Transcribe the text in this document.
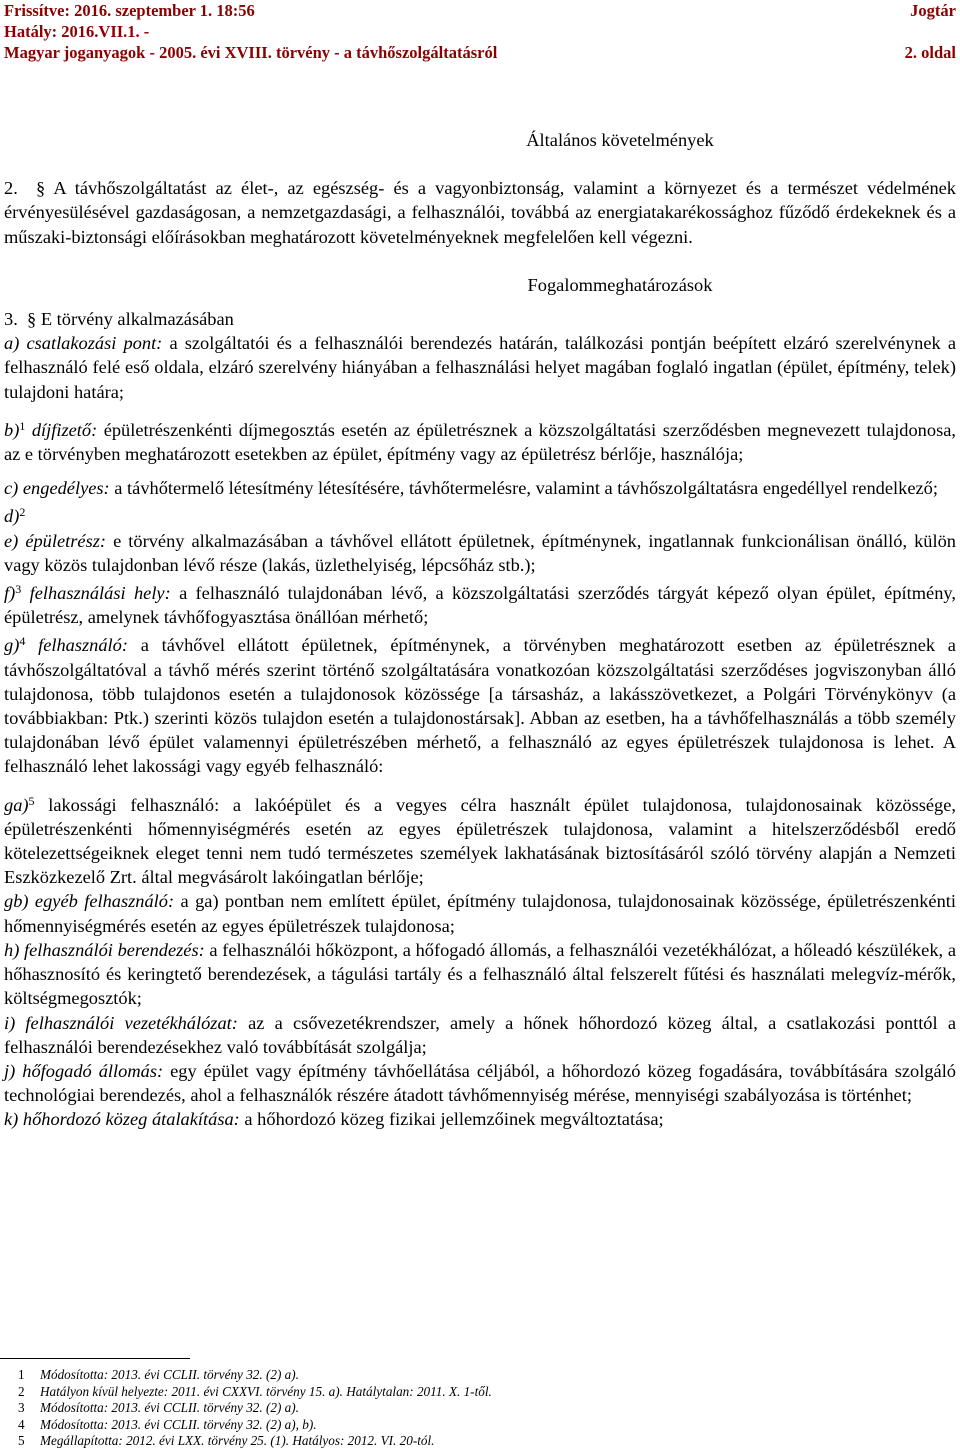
Frissítve: 2016. szeptember 1. 18:56
Hatály: 2016.VII.1. -
Magyar joganyagok - 2005. évi XVIII. törvény - a távhőszolgáltatásról
Jogtár
2. oldal

Általános követelmények

2. § A távhőszolgáltatást az élet-, az egészség- és a vagyonbiztonság, valamint a környezet és a természet védelmének érvényesülésével gazdaságosan, a nemzetgazdasági, a felhasználói, továbbá az energiatakarékossághoz fűződő érdekeknek és a műszaki-biztonsági előírásokban meghatározott követelményeknek megfelelően kell végezni.

Fogalommeghatározások

3. § E törvény alkalmazásában

a) csatlakozási pont: a szolgáltatói és a felhasználói berendezés határán, találkozási pontján beépített elzáró szerelvénynek a felhasználó felé eső oldala, elzáró szerelvény hiányában a felhasználási helyet magában foglaló ingatlan (épület, építmény, telek) tulajdoni határa;

b)$^1$ díjfizető: épületrészenkénti díjmegosztás esetén az épületrésznek a közszolgáltatási szerződésben megnevezett tulajdonosa, az e törvényben meghatározott esetekben az épület, építmény vagy az épületrész bérlője, használója;

c) engedélyes: a távhőtermelő létesítmény létesítésére, távhőtermelésre, valamint a távhőszolgáltatásra engedéllyel rendelkező;

d)$^2$

e) épületrész: e törvény alkalmazásában a távhővel ellátott épületnek, építménynek, ingatlannak funkcionálisan önálló, külön vagy közös tulajdonban lévő része (lakás, üzlethelyiség, lépcsőház stb.);

f)$^3$ felhasználási hely: a felhasználó tulajdonában lévő, a közszolgáltatási szerződés tárgyát képező olyan épület, építmény, épületrész, amelynek távhőfogyasztása önállóan mérhető;

g)$^4$ felhasználó: a távhővel ellátott épületnek, építménynek, a törvényben meghatározott esetben az épületrésznek a távhőszolgáltatóval a távhő mérés szerint történő szolgáltatására vonatkozóan közszolgáltatási szerződéses jogviszonyban álló tulajdonosa, több tulajdonos esetén a tulajdonosok közössége [a társasház, a lakásszövetkezet, a Polgári Törvénykönyv (a továbbiakban: Ptk.) szerinti közös tulajdon esetén a tulajdonostársak]. Abban az esetben, ha a távhőfelhasználás a több személy tulajdonában lévő épület valamennyi épületrészében mérhető, a felhasználó az egyes épületrészek tulajdonosa is lehet. A felhasználó lehet lakossági vagy egyéb felhasználó:

ga)$^5$ lakossági felhasználó: a lakóépület és a vegyes célra használt épület tulajdonosa, tulajdonosainak közössége, épületrészenkénti hőmennyiségmérés esetén az egyes épületrészek tulajdonosa, valamint a hitelszerződésből eredő kötelezettségeiknek eleget tenni nem tudó természetes személyek lakhatásának biztosításáról szóló törvény alapján a Nemzeti Eszközkezelő Zrt. által megvásárolt lakóingatlan bérlője;

gb) egyéb felhasználó: a ga) pontban nem említett épület, építmény tulajdonosa, tulajdonosainak közössége, épületrészenkénti hőmennyiségmérés esetén az egyes épületrészek tulajdonosa;

h) felhasználói berendezés: a felhasználói hőközpont, a hőfogadó állomás, a felhasználói vezetékhálózat, a hőleadó készülékek, a hőhasznosító és keringtető berendezések, a tágulási tartály és a felhasználó által felszerelt fűtési és használati melegvíz-mérők, költségmegosztók;

i) felhasználói vezetékhálózat: az a csővezetékrendszer, amely a hőnek hőhordozó közeg által, a csatlakozási ponttól a felhasználói berendezésekhez való továbbítását szolgálja;

j) hőfogadó állomás: egy épület vagy építmény távhőellátása céljából, a hőhordozó közeg fogadására, továbbítására szolgáló technológiai berendezés, ahol a felhasználók részére átadott távhőmennyiség mérése, mennyiségi szabályozása is történhet;

k) hőhordozó közeg átalakítása: a hőhordozó közeg fizikai jellemzőinek megváltoztatása;

1	Módosította: 2013. évi CCLII. törvény 32. (2) a).
2	Hatályon kívül helyezte: 2011. évi CXXVI. törvény 15. a). Hatálytalan: 2011. X. 1-től.
3	Módosította: 2013. évi CCLII. törvény 32. (2) a).
4	Módosította: 2013. évi CCLII. törvény 32. (2) a), b).
5	Megállapította: 2012. évi LXX. törvény 25. (1). Hatályos: 2012. VI. 20-tól.
